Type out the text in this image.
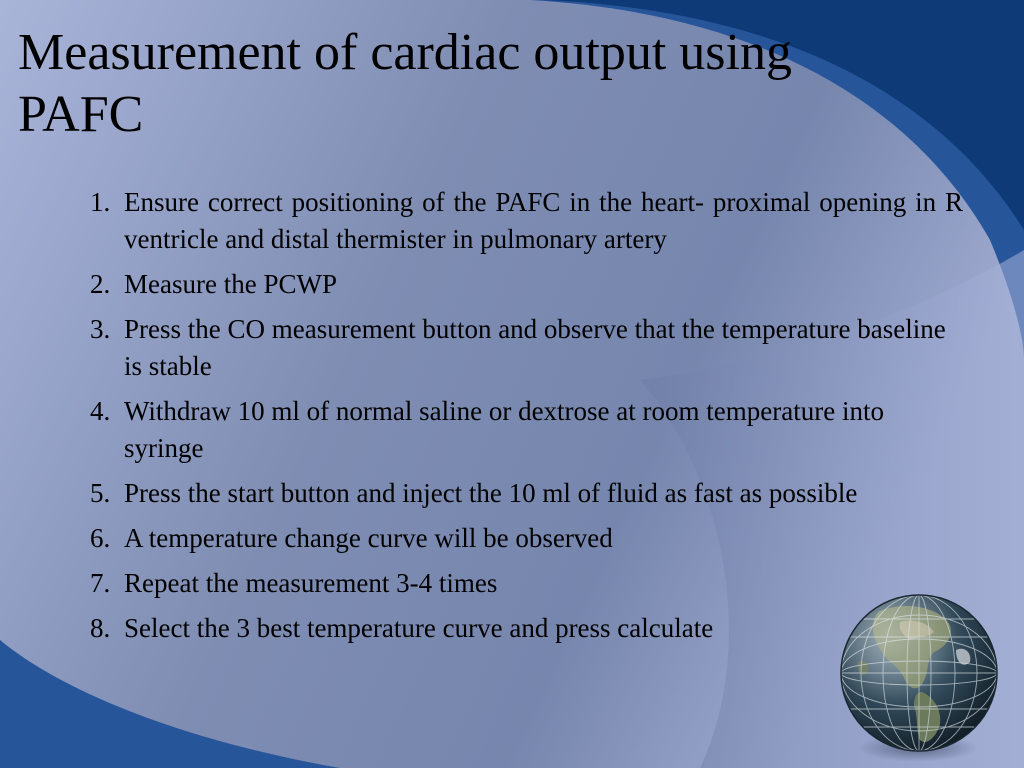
Measurement of cardiac output using PAFC
1. Ensure correct positioning of the PAFC in the heart- proximal opening in R ventricle and distal thermister in pulmonary artery
2. Measure the PCWP
3. Press the CO measurement button and observe that the temperature baseline is stable
4. Withdraw 10 ml of normal saline or dextrose at room temperature into syringe
5. Press the start button and inject the 10 ml of fluid as fast as possible
6. A temperature change curve will be observed
7. Repeat the measurement 3-4 times
8. Select the 3 best temperature curve and press calculate
